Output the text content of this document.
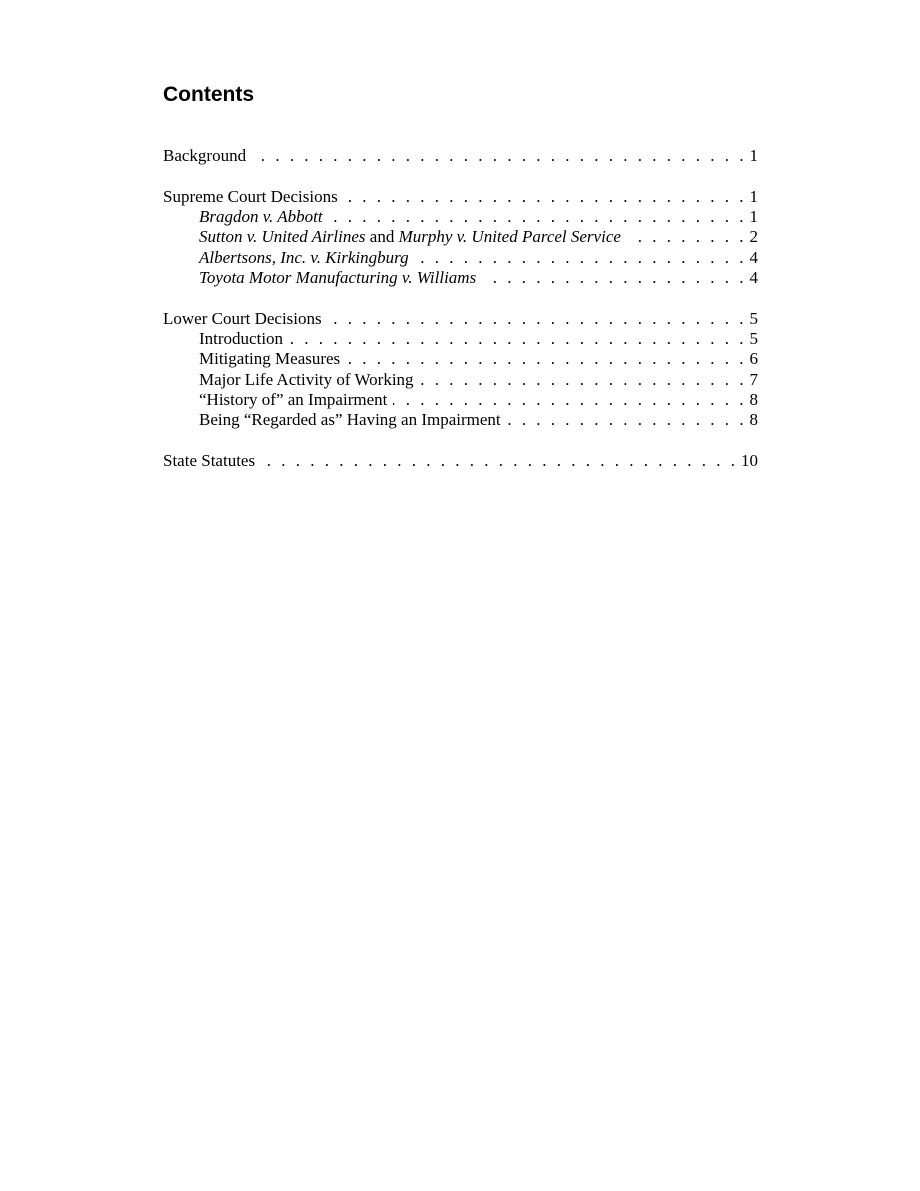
Contents
Background . . .	1
Supreme Court Decisions . . .	1
Bragdon v. Abbott . . .	1
Sutton v. United Airlines and Murphy v. United Parcel Service . . .	2
Albertsons, Inc. v. Kirkingburg . . .	4
Toyota Motor Manufacturing v. Williams . . .	4
Lower Court Decisions . . .	5
Introduction . . .	5
Mitigating Measures . . .	6
Major Life Activity of Working . . .	7
“History of” an Impairment . . .	8
Being “Regarded as” Having an Impairment . . .	8
State Statutes . . .	10
